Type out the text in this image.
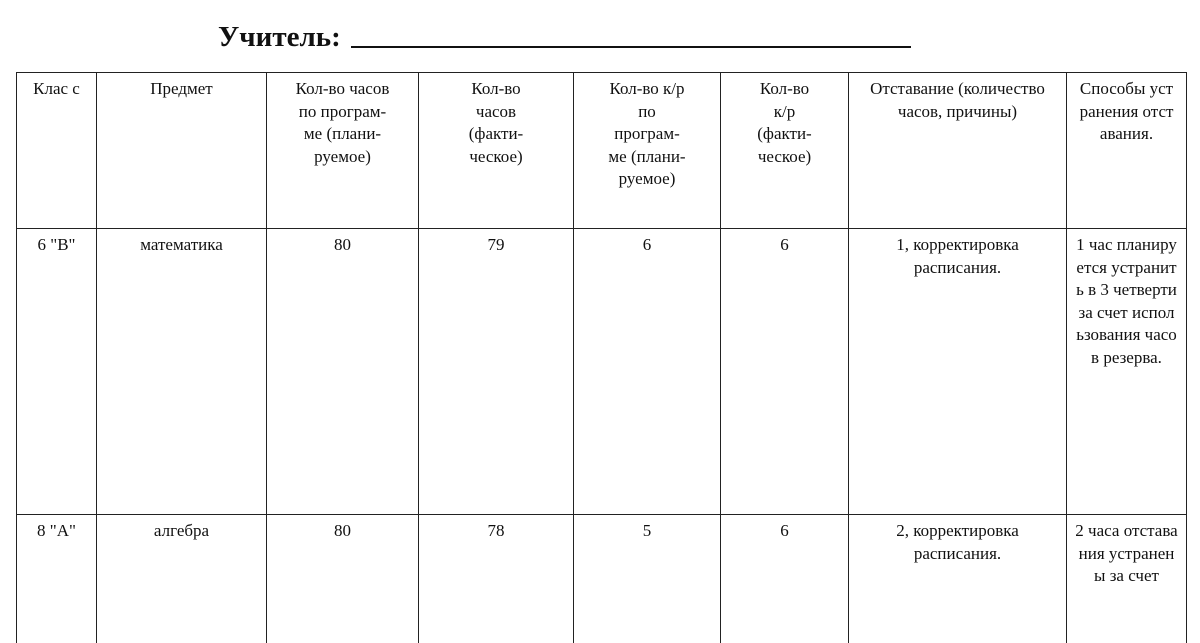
Учитель:
Клас с	Предмет	Кол-во часов по програм- ме (плани- руемое)	Кол-во часов (факти- ческое)	Кол-во к/р по програм- ме (плани- руемое)	Кол-во к/р (факти- ческое)	Отставание (количество часов, причины)	Способы устранения отставания.

6 "В"	математика	80	79	6	6	1, корректировка расписания.	1 час планируется устранить в 3 четверти за счет использования часов резерва.

8 "А"	алгебра	80	78	5	6	2, корректировка расписания.	2 часа отставания устранены за счет
